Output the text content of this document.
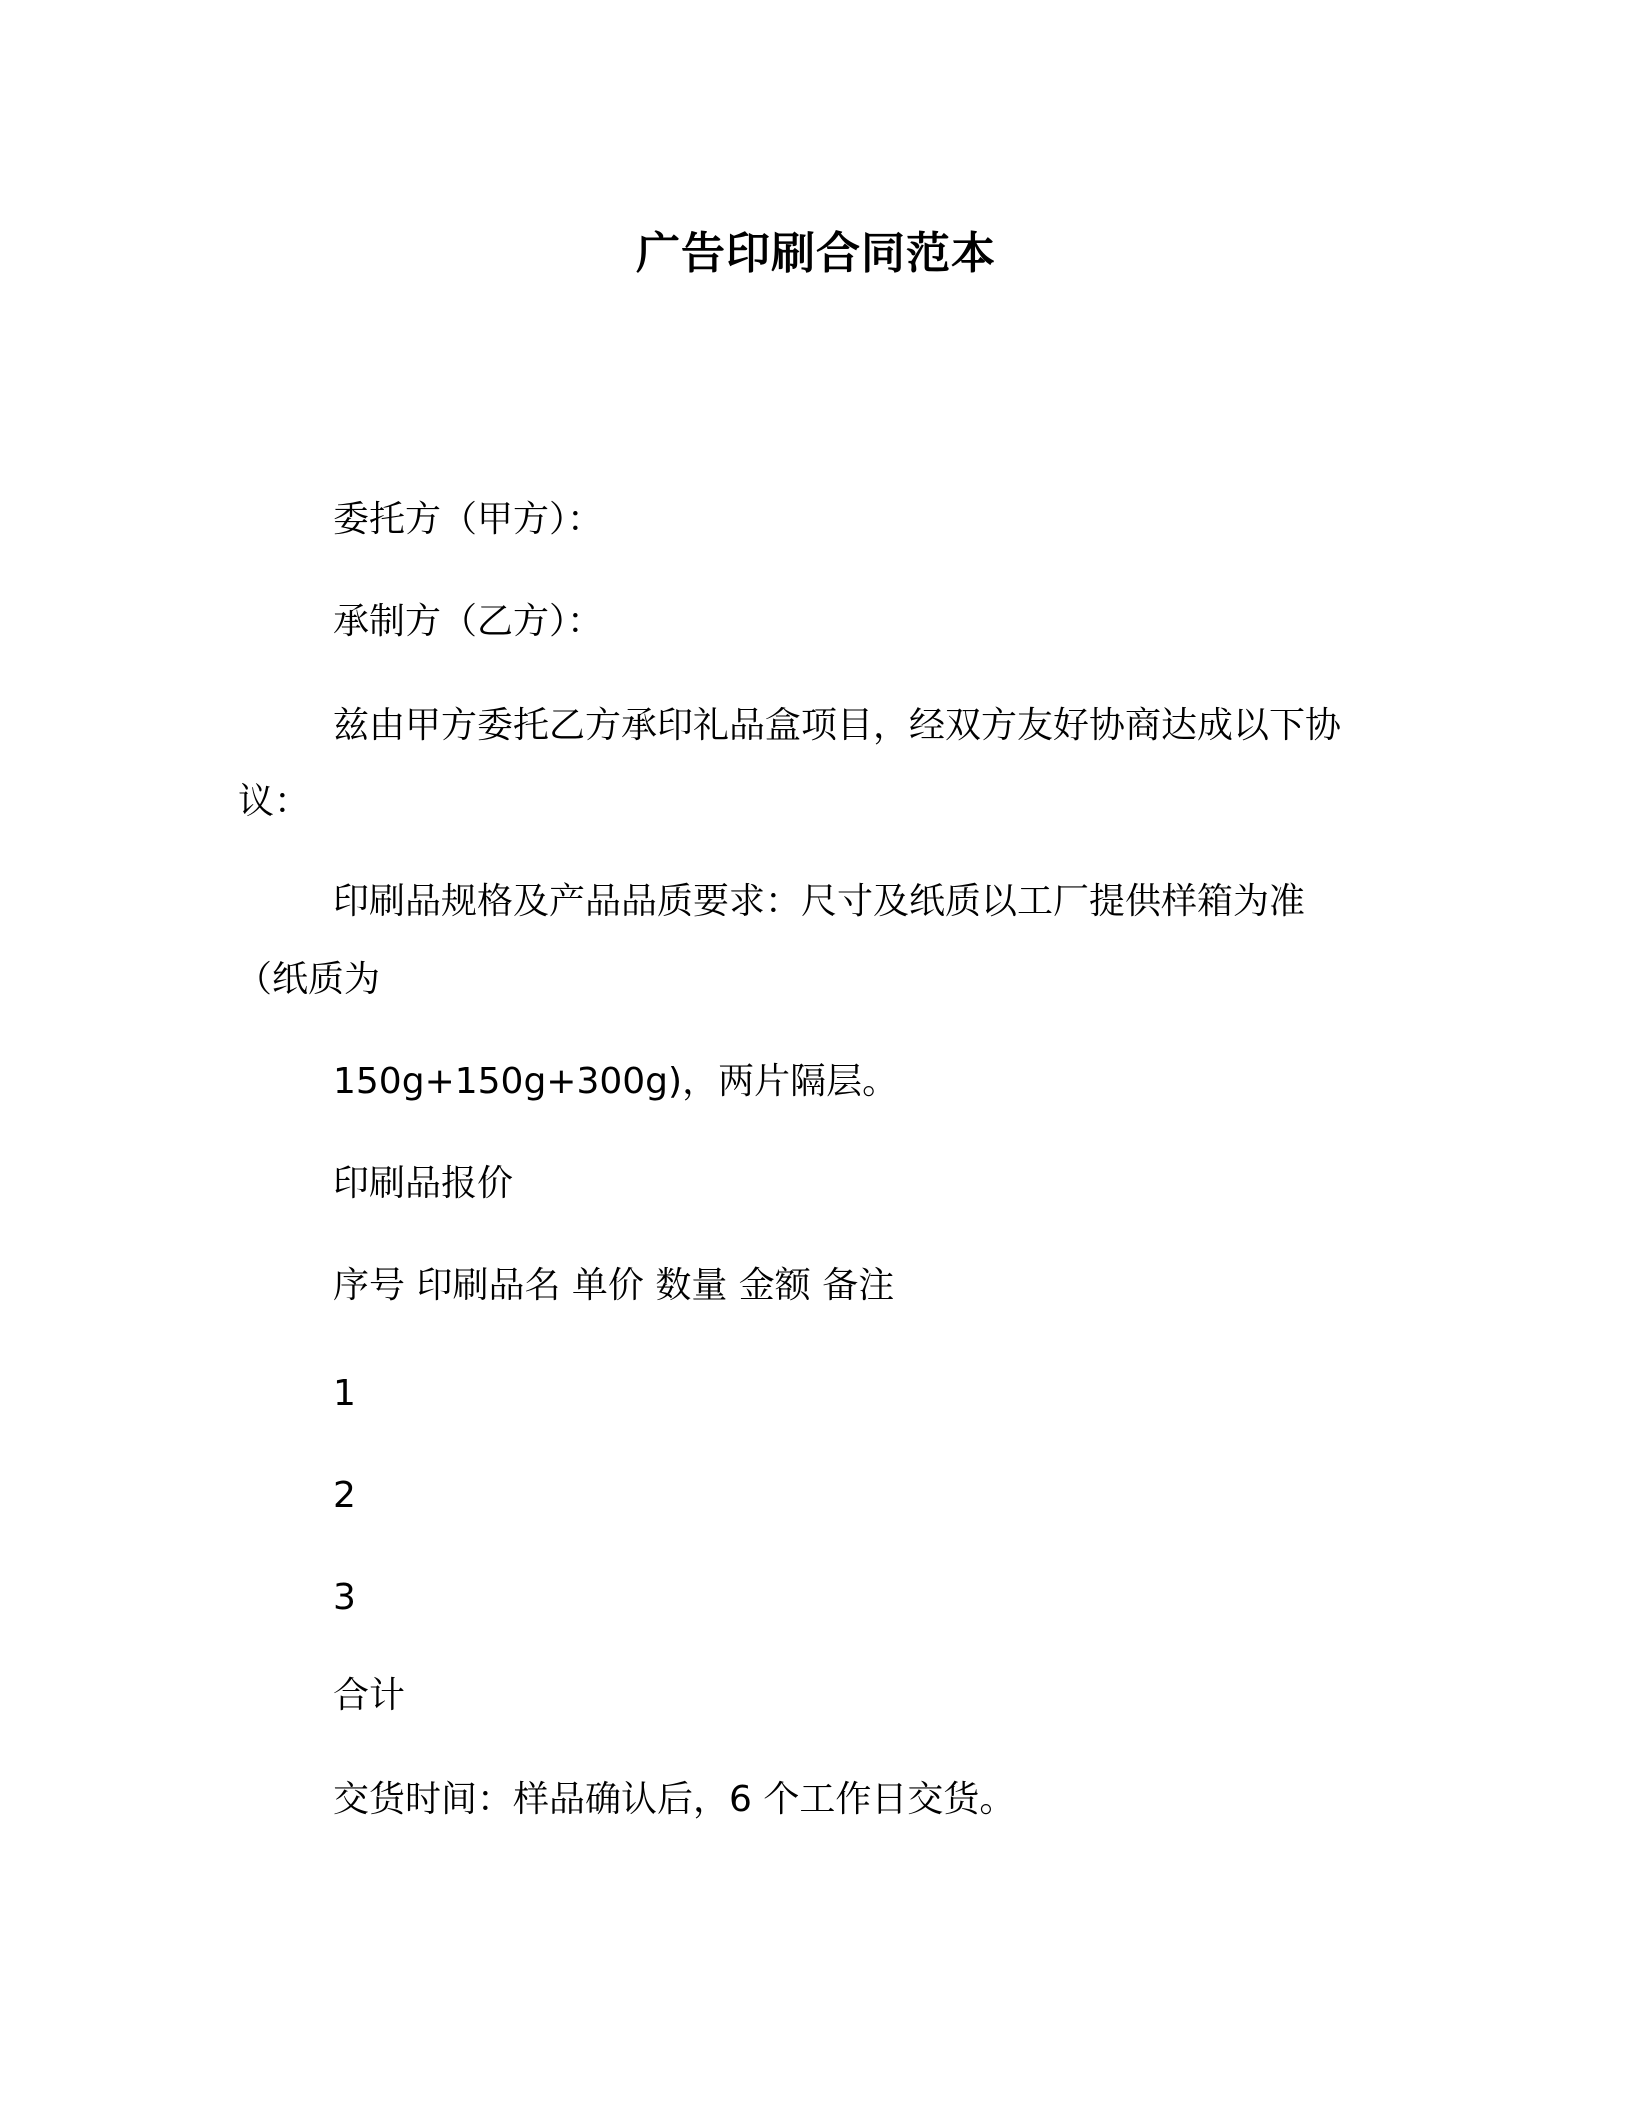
广告印刷合同范本
委托方（甲方）：
承制方（乙方）：
兹由甲方委托乙方承印礼品盒项目，经双方友好协商达成以下协
议：
印刷品规格及产品品质要求：尺寸及纸质以工厂提供样箱为准
（纸质为
150g+150g+300g)，两片隔层。
印刷品报价
序号 印刷品名 单价 数量 金额 备注
1
2
3
合计
交货时间：样品确认后，6 个工作日交货。
